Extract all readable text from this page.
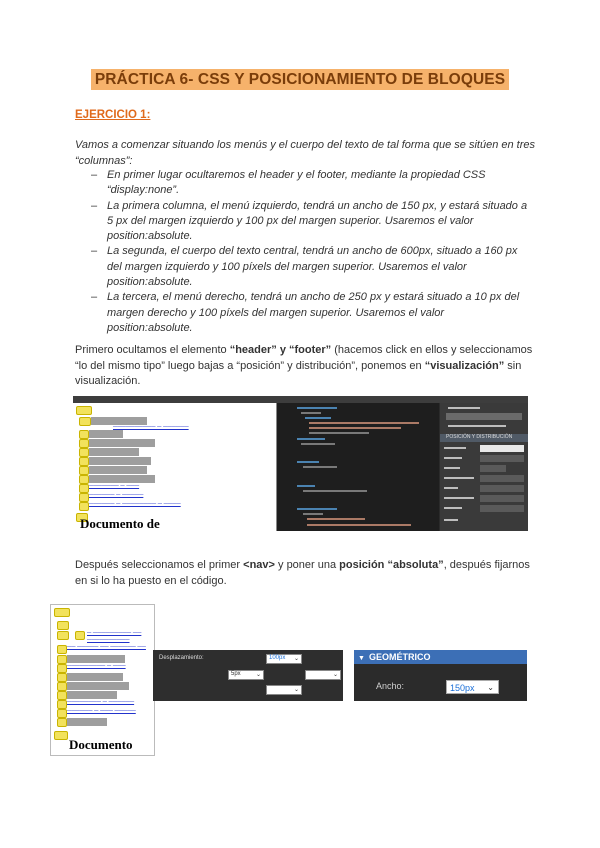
PRÁCTICA 6- CSS Y POSICIONAMIENTO DE BLOQUES
EJERCICIO 1:
Vamos a comenzar situando los menús y el cuerpo del texto de tal forma que se sitúen en tres “columnas”:
– En primer lugar ocultaremos el header y el footer, mediante la propiedad CSS “display:none”.
– La primera columna, el menú izquierdo, tendrá un ancho de 150 px, y estará situado a 5 px del margen izquierdo y 100 px del margen superior. Usaremos el valor position:absolute.
– La segunda, el cuerpo del texto central, tendrá un ancho de 600px, situado a 160 px del margen izquierdo y 100 píxels del margen superior. Usaremos el valor position:absolute.
– La tercera, el menú derecho, tendrá un ancho de 250 px y estará situado a 10 px del margen derecho y 100 píxels del margen superior. Usaremos el valor position:absolute.
Primero ocultamos el elemento “header” y “footer” (hacemos click en ellos y seleccionamos “lo del mismo tipo” luego bajas a “posición” y distribución”, ponemos en “visualización” sin visualización.
────────── ─ ──────
─────── ─ ───
────── ─ ─────
────── ─ ──────── ─ ────
Documento de
POSICIÓN Y DISTRIBUCIÓN
Después seleccionamos el primer <nav> y poner una posición “absoluta”, después fijarnos en si lo ha puesto en el código.
─ ───────── ──
──────────
── ───── ── ────── ──
───────── ─ ───
──────── ─ ──────
────── ─ ─── ─────
Documento
Desplazamiento:	100px ⌄
5px	⌄	⌄
⌄
▼ GEOMÉTRICO
Ancho:	150px ⌄
